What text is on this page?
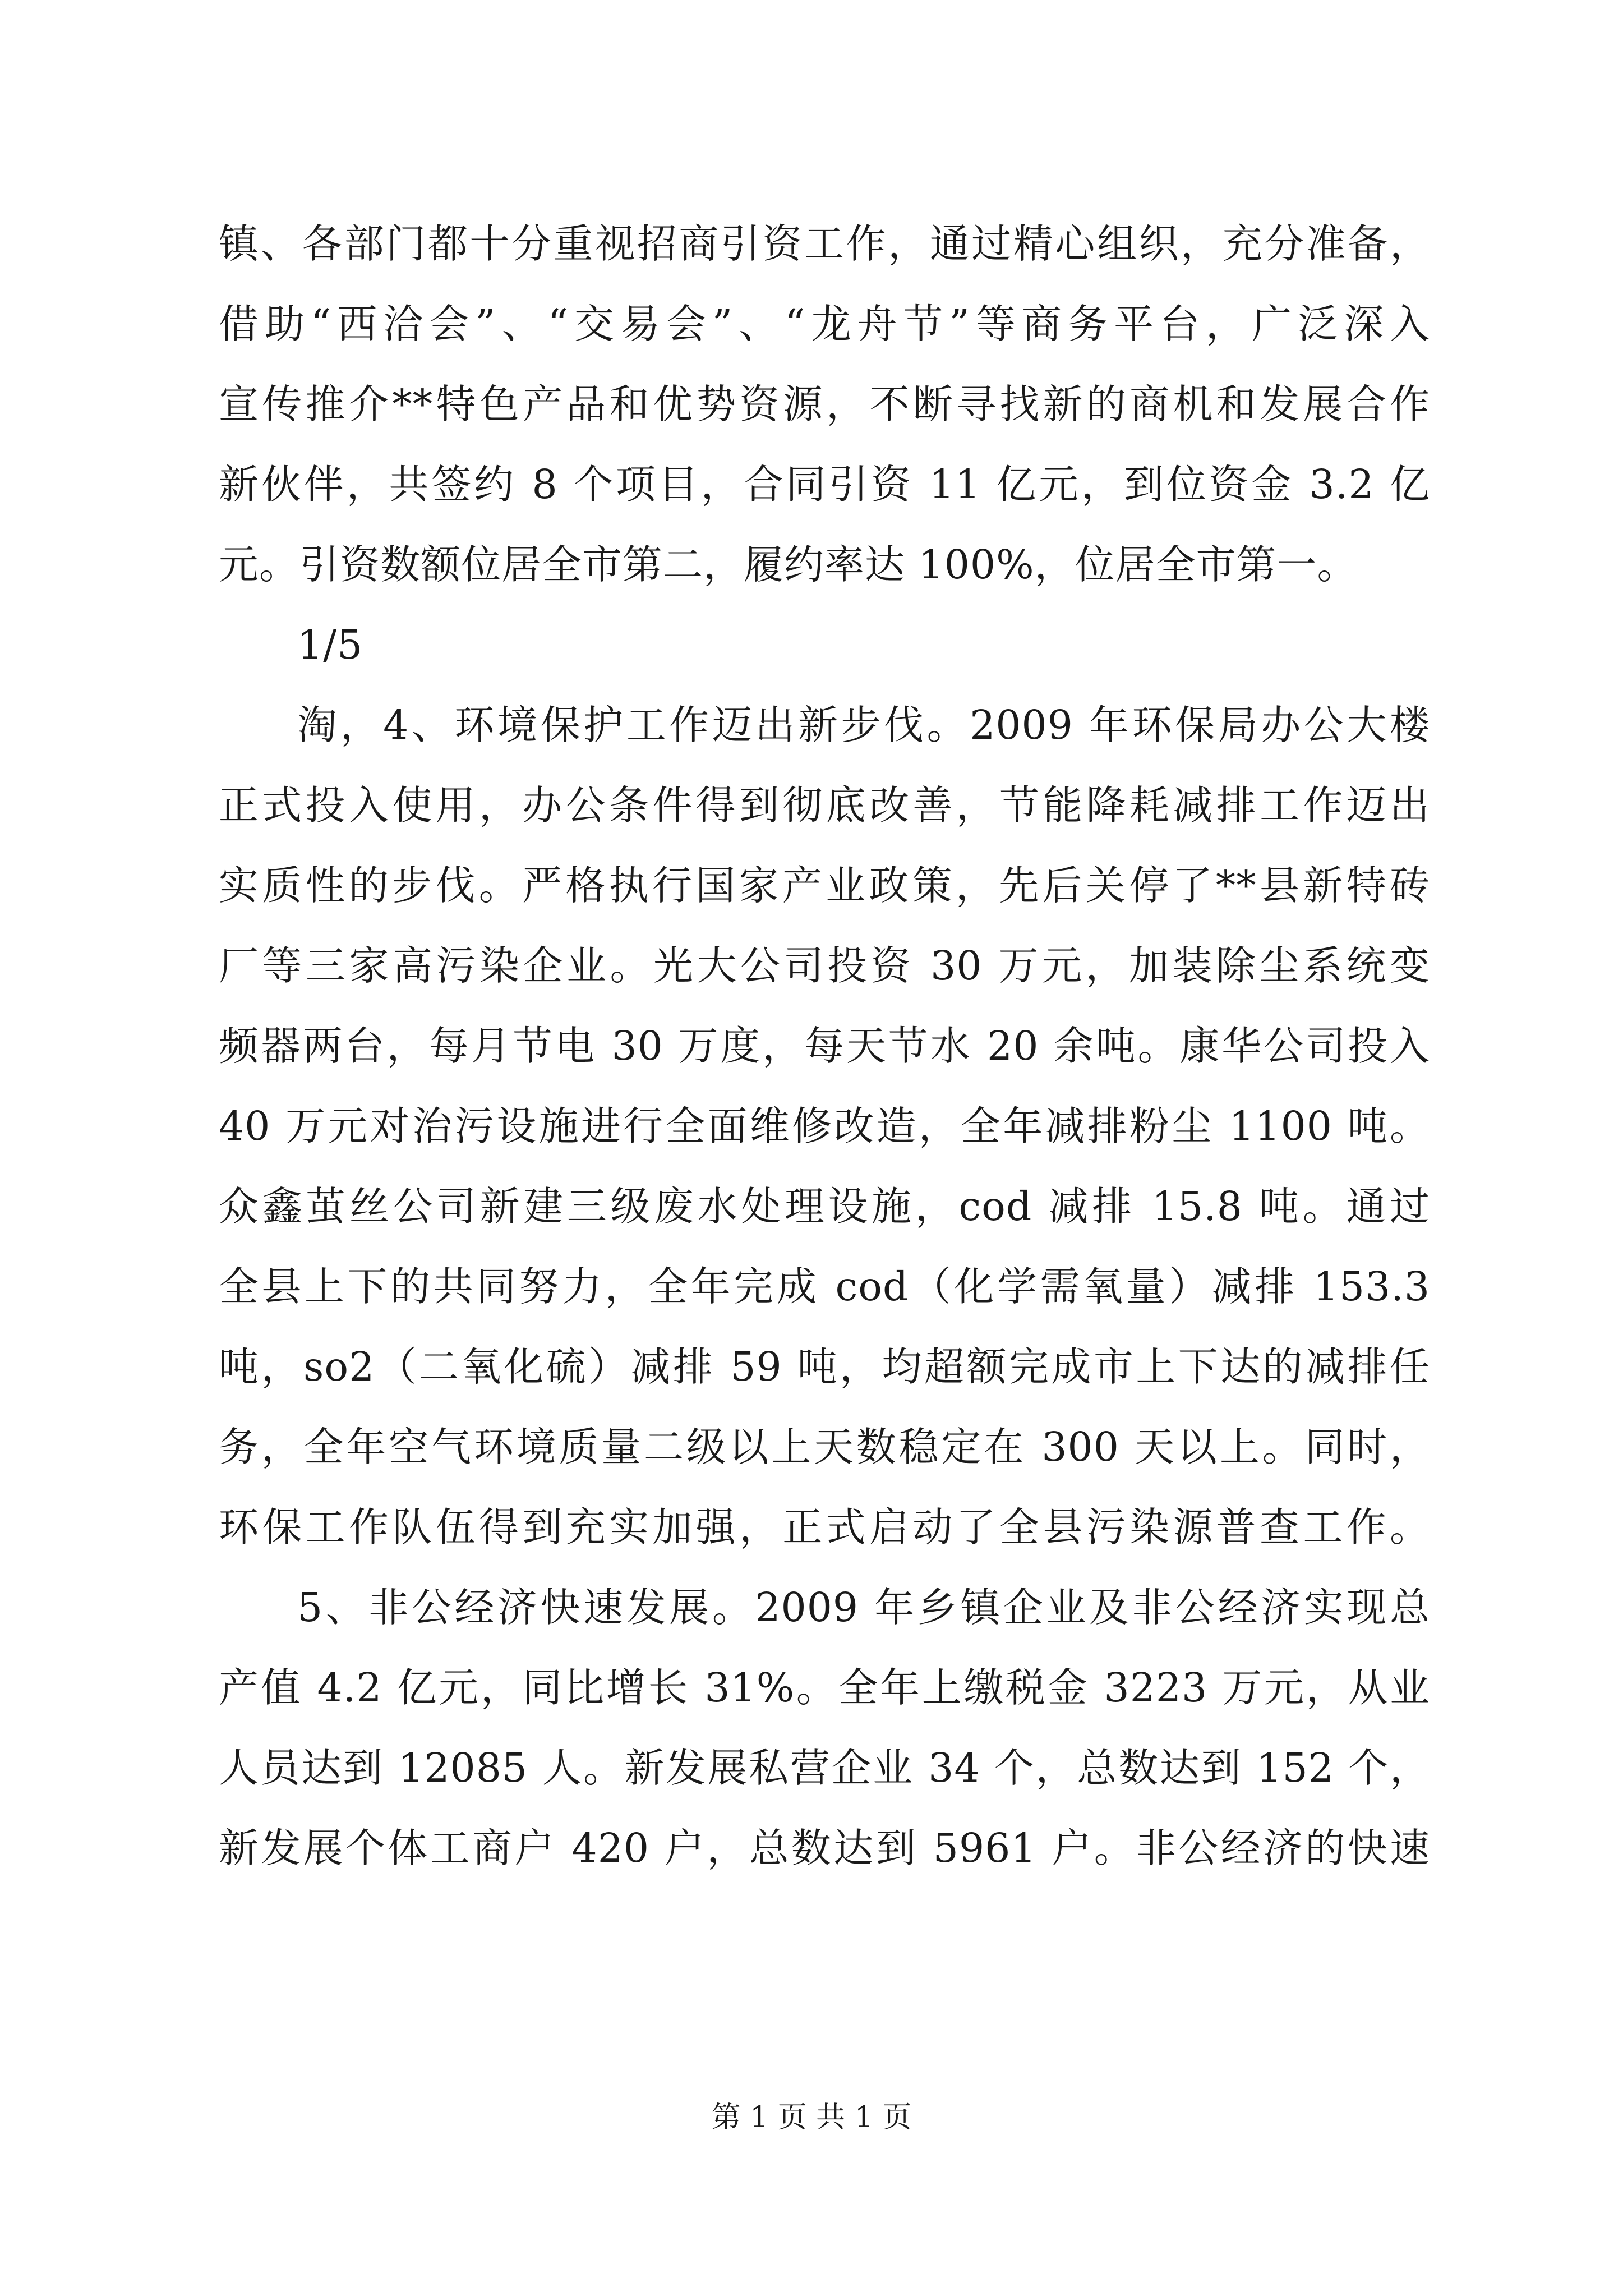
镇、各部门都十分重视招商引资工作，通过精心组织，充分准备，
借助“西洽会”、“交易会”、“龙舟节”等商务平台，广泛深入
宣传推介**特色产品和优势资源，不断寻找新的商机和发展合作
新伙伴，共签约 8 个项目，合同引资 11 亿元，到位资金 3.2 亿
元。引资数额位居全市第二，履约率达 100%，位居全市第一。
1/5
淘，4、环境保护工作迈出新步伐。2009 年环保局办公大楼
正式投入使用，办公条件得到彻底改善，节能降耗减排工作迈出
实质性的步伐。严格执行国家产业政策，先后关停了**县新特砖
厂等三家高污染企业。光大公司投资 30 万元，加装除尘系统变
频器两台，每月节电 30 万度，每天节水 20 余吨。康华公司投入
40 万元对治污设施进行全面维修改造，全年减排粉尘 1100 吨。
众鑫茧丝公司新建三级废水处理设施，cod 减排 15.8 吨。通过
全县上下的共同努力，全年完成 cod（化学需氧量）减排 153.3
吨，so2（二氧化硫）减排 59 吨，均超额完成市上下达的减排任
务，全年空气环境质量二级以上天数稳定在 300 天以上。同时，
环保工作队伍得到充实加强，正式启动了全县污染源普查工作。
5、非公经济快速发展。2009 年乡镇企业及非公经济实现总
产值 4.2 亿元，同比增长 31%。全年上缴税金 3223 万元，从业
人员达到 12085 人。新发展私营企业 34 个，总数达到 152 个，
新发展个体工商户 420 户，总数达到 5961 户。非公经济的快速
第 1 页 共 1 页
